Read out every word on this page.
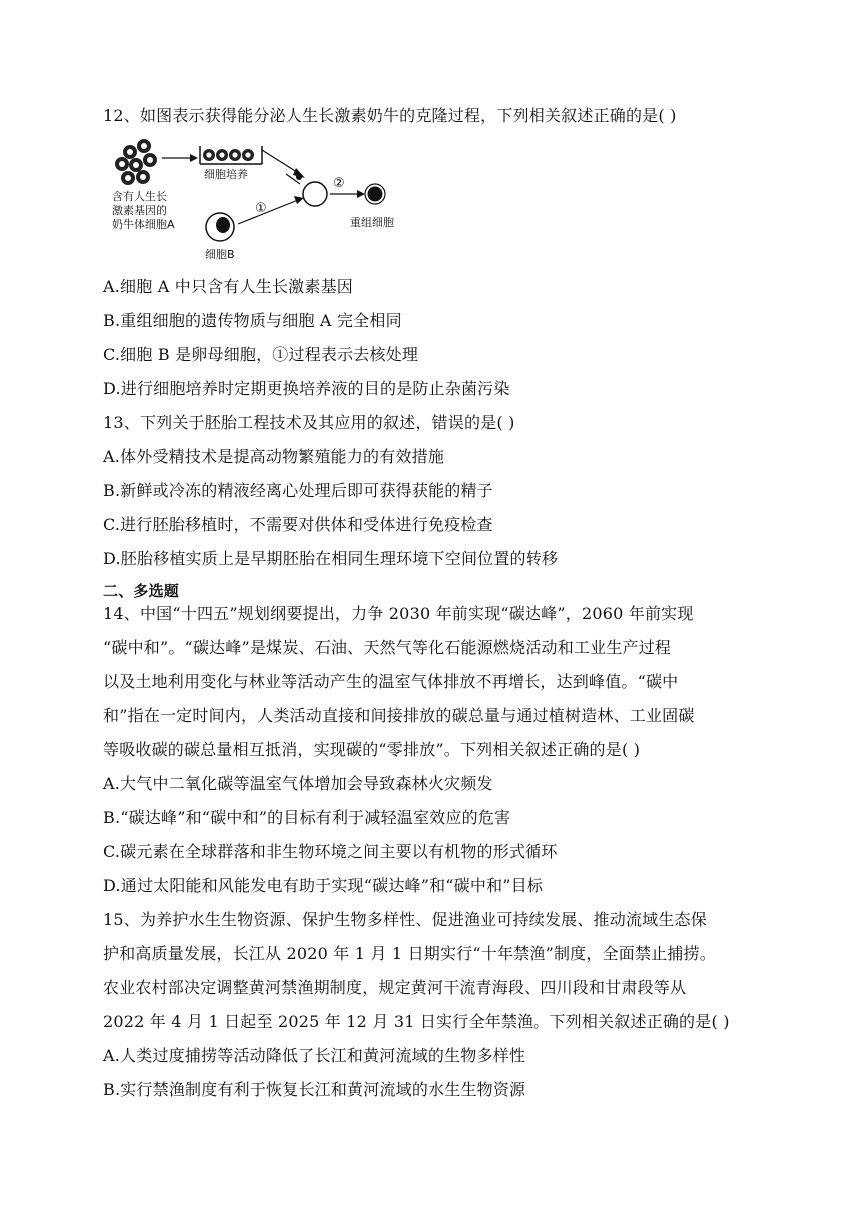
12、如图表示获得能分泌人生长激素奶牛的克隆过程，下列相关叙述正确的是( )
细胞培养
②
重组细胞
含有人生长
激素基因的
奶牛体细胞A
细胞B
①
A.细胞 A 中只含有人生长激素基因
B.重组细胞的遗传物质与细胞 A 完全相同
C.细胞 B 是卵母细胞，①过程表示去核处理
D.进行细胞培养时定期更换培养液的目的是防止杂菌污染
13、下列关于胚胎工程技术及其应用的叙述，错误的是( )
A.体外受精技术是提高动物繁殖能力的有效措施
B.新鲜或冷冻的精液经离心处理后即可获得获能的精子
C.进行胚胎移植时，不需要对供体和受体进行免疫检查
D.胚胎移植实质上是早期胚胎在相同生理环境下空间位置的转移
二、多选题
14、中国“十四五”规划纲要提出，力争 2030 年前实现“碳达峰”，2060 年前实现
“碳中和”。“碳达峰”是煤炭、石油、天然气等化石能源燃烧活动和工业生产过程
以及土地利用变化与林业等活动产生的温室气体排放不再增长，达到峰值。“碳中
和”指在一定时间内，人类活动直接和间接排放的碳总量与通过植树造林、工业固碳
等吸收碳的碳总量相互抵消，实现碳的“零排放”。下列相关叙述正确的是( )
A.大气中二氧化碳等温室气体增加会导致森林火灾频发
B.“碳达峰”和“碳中和”的目标有利于减轻温室效应的危害
C.碳元素在全球群落和非生物环境之间主要以有机物的形式循环
D.通过太阳能和风能发电有助于实现“碳达峰”和“碳中和”目标
15、为养护水生生物资源、保护生物多样性、促进渔业可持续发展、推动流域生态保
护和高质量发展，长江从 2020 年 1 月 1 日期实行“十年禁渔”制度，全面禁止捕捞。
农业农村部决定调整黄河禁渔期制度，规定黄河干流青海段、四川段和甘肃段等从
2022 年 4 月 1 日起至 2025 年 12 月 31 日实行全年禁渔。下列相关叙述正确的是( )
A.人类过度捕捞等活动降低了长江和黄河流域的生物多样性
B.实行禁渔制度有利于恢复长江和黄河流域的水生生物资源
